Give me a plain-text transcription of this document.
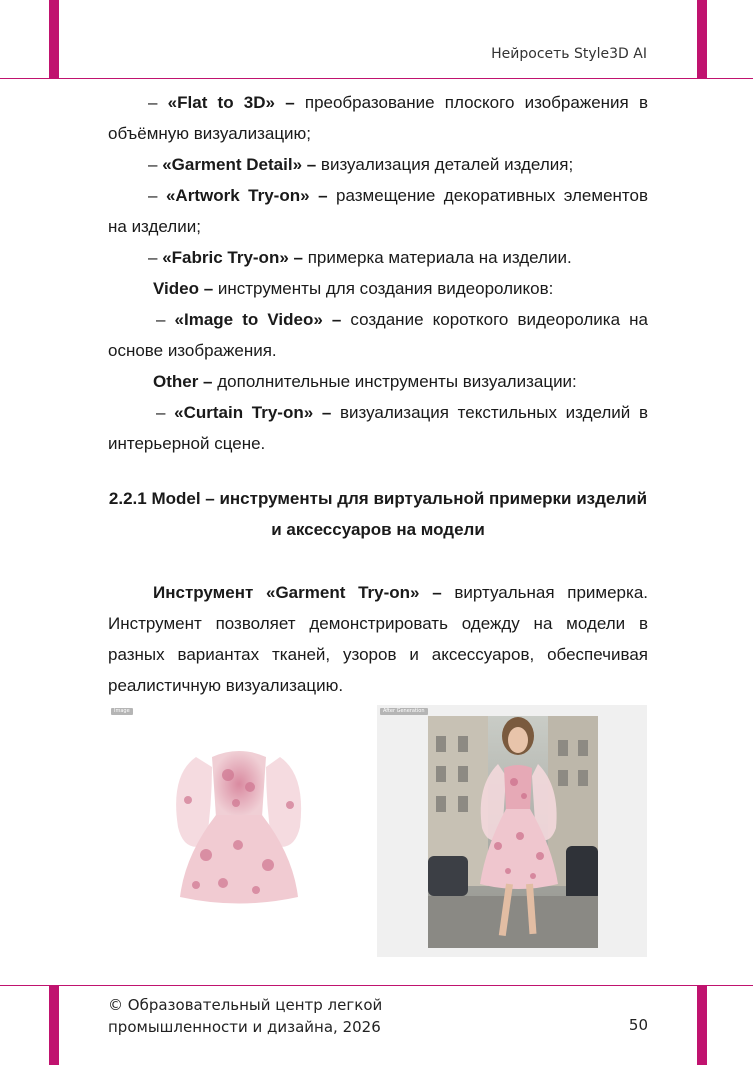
Нейросеть Style3D AI

– «Flat to 3D» – преобразование плоского изображения в объёмную визуализацию;

– «Garment Detail» – визуализация деталей изделия;

– «Artwork Try-on» – размещение декоративных элементов на изделии;

– «Fabric Try-on» – примерка материала на изделии.

Video – инструменты для создания видеороликов:

– «Image to Video» – создание короткого видеоролика на основе изображения.

Other – дополнительные инструменты визуализации:

– «Curtain Try-on» – визуализация текстильных изделий в интерьерной сцене.

2.2.1 Model – инструменты для виртуальной примерки изделий и аксессуаров на модели

Инструмент «Garment Try-on» – виртуальная примерка. Инструмент позволяет демонстрировать одежду на модели в разных вариантах тканей, узоров и аксессуаров, обеспечивая реалистичную визуализацию.

Image	After Generation
© Образовательный центр легкой
промышленности и дизайна, 2026	50
